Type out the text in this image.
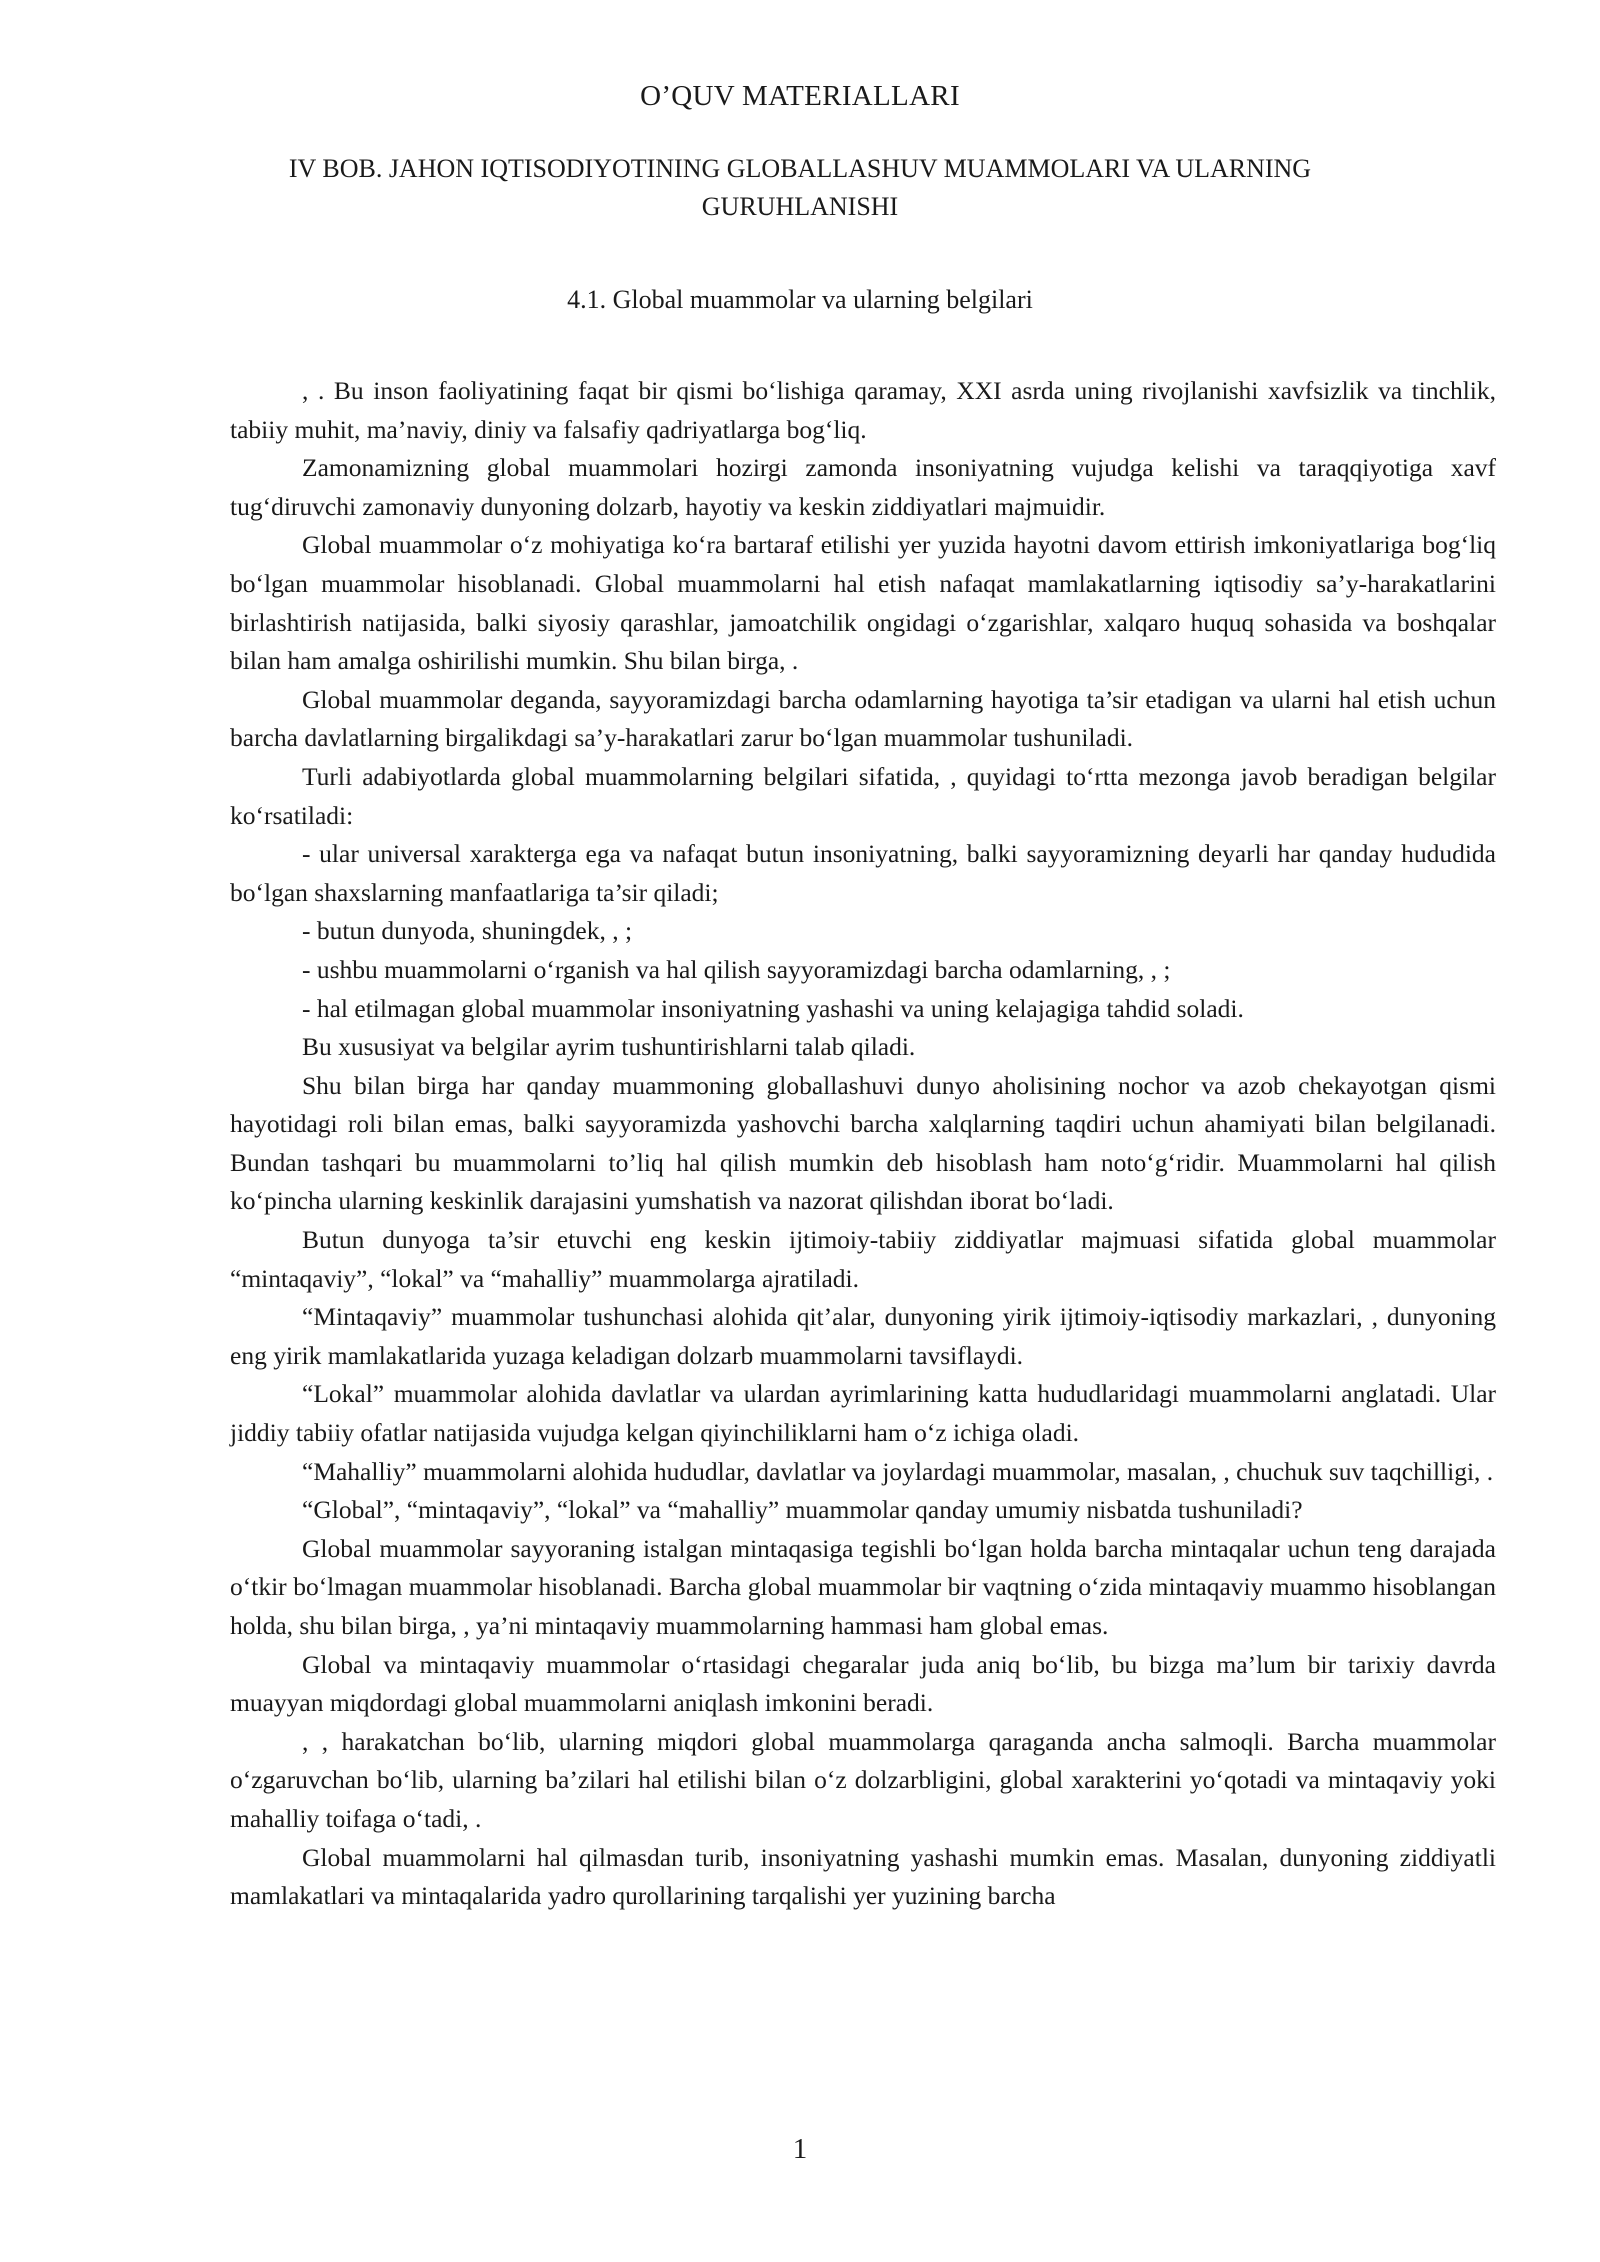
O’QUV MATERIALLARI
IV BOB. JAHON IQTISODIYOTINING GLOBALLASHUV MUAMMOLARI VA ULARNING GURUHLANISHI
4.1. Global muammolar va ularning belgilari

, . Bu inson faoliyatining faqat bir qismi bo‘lishiga qaramay, XXI asrda uning rivojlanishi xavfsizlik va tinchlik, tabiiy muhit, ma’naviy, diniy va falsafiy qadriyatlarga bog‘liq.

Zamonamizning global muammolari hozirgi zamonda insoniyatning vujudga kelishi va taraqqiyotiga xavf tug‘diruvchi zamonaviy dunyoning dolzarb, hayotiy va keskin ziddiyatlari majmuidir.

Global muammolar o‘z mohiyatiga ko‘ra bartaraf etilishi yer yuzida hayotni davom ettirish imkoniyatlariga bog‘liq bo‘lgan muammolar hisoblanadi. Global muammolarni hal etish nafaqat mamlakatlarning iqtisodiy sa’y-harakatlarini birlashtirish natijasida, balki siyosiy qarashlar, jamoatchilik ongidagi o‘zgarishlar, xalqaro huquq sohasida va boshqalar bilan ham amalga oshirilishi mumkin. Shu bilan birga, .

Global muammolar deganda, sayyoramizdagi barcha odamlarning hayotiga ta’sir etadigan va ularni hal etish uchun barcha davlatlarning birgalikdagi sa’y-harakatlari zarur bo‘lgan muammolar tushuniladi.

Turli adabiyotlarda global muammolarning belgilari sifatida, , quyidagi to‘rtta mezonga javob beradigan belgilar ko‘rsatiladi:

- ular universal xarakterga ega va nafaqat butun insoniyatning, balki sayyoramizning deyarli har qanday hududida bo‘lgan shaxslarning manfaatlariga ta’sir qiladi;

- butun dunyoda, shuningdek, , ;

- ushbu muammolarni o‘rganish va hal qilish sayyoramizdagi barcha odamlarning, , ;

- hal etilmagan global muammolar insoniyatning yashashi va uning kelajagiga tahdid soladi.

Bu xususiyat va belgilar ayrim tushuntirishlarni talab qiladi.

Shu bilan birga har qanday muammoning globallashuvi dunyo aholisining nochor va azob chekayotgan qismi hayotidagi roli bilan emas, balki sayyoramizda yashovchi barcha xalqlarning taqdiri uchun ahamiyati bilan belgilanadi. Bundan tashqari bu muammolarni to’liq hal qilish mumkin deb hisoblash ham noto‘g‘ridir. Muammolarni hal qilish ko‘pincha ularning keskinlik darajasini yumshatish va nazorat qilishdan iborat bo‘ladi.

Butun dunyoga ta’sir etuvchi eng keskin ijtimoiy-tabiiy ziddiyatlar majmuasi sifatida global muammolar “mintaqaviy”, “lokal” va “mahalliy” muammolarga ajratiladi.

“Mintaqaviy” muammolar tushunchasi alohida qit’alar, dunyoning yirik ijtimoiy-iqtisodiy markazlari, , dunyoning eng yirik mamlakatlarida yuzaga keladigan dolzarb muammolarni tavsiflaydi.

“Lokal” muammolar alohida davlatlar va ulardan ayrimlarining katta hududlaridagi muammolarni anglatadi. Ular jiddiy tabiiy ofatlar natijasida vujudga kelgan qiyinchiliklarni ham o‘z ichiga oladi.

“Mahalliy” muammolarni alohida hududlar, davlatlar va joylardagi muammolar, masalan, , chuchuk suv taqchilligi, .

“Global”, “mintaqaviy”, “lokal” va “mahalliy” muammolar qanday umumiy nisbatda tushuniladi?

Global muammolar sayyoraning istalgan mintaqasiga tegishli bo‘lgan holda barcha mintaqalar uchun teng darajada o‘tkir bo‘lmagan muammolar hisoblanadi. Barcha global muammolar bir vaqtning o‘zida mintaqaviy muammo hisoblangan holda, shu bilan birga, , ya’ni mintaqaviy muammolarning hammasi ham global emas.

Global va mintaqaviy muammolar o‘rtasidagi chegaralar juda aniq bo‘lib, bu bizga ma’lum bir tarixiy davrda muayyan miqdordagi global muammolarni aniqlash imkonini beradi.

, , harakatchan bo‘lib, ularning miqdori global muammolarga qaraganda ancha salmoqli. Barcha muammolar o‘zgaruvchan bo‘lib, ularning ba’zilari hal etilishi bilan o‘z dolzarbligini, global xarakterini yo‘qotadi va mintaqaviy yoki mahalliy toifaga o‘tadi, .

Global muammolarni hal qilmasdan turib, insoniyatning yashashi mumkin emas. Masalan, dunyoning ziddiyatli mamlakatlari va mintaqalarida yadro qurollarining tarqalishi yer yuzining barcha

1
